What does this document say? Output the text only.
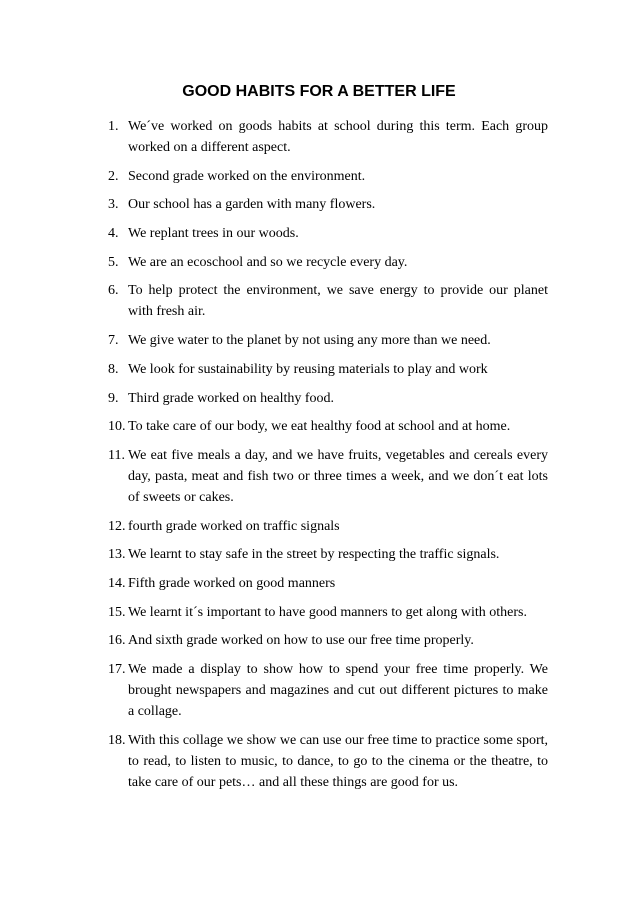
GOOD HABITS FOR A BETTER LIFE
1. We´ve worked on goods habits at school during this term. Each group worked on a different aspect.
2. Second grade worked on the environment.
3. Our school has a garden with many flowers.
4. We replant trees in our woods.
5. We are an ecoschool and so we recycle every day.
6. To help protect the environment, we save energy to provide our planet with fresh air.
7. We give water to the planet by not using any more than we need.
8. We look for sustainability by reusing materials to play and work
9. Third grade worked on healthy food.
10. To take care of our body, we eat healthy food at school and at home.
11. We eat five meals a day, and we have fruits, vegetables and cereals every day, pasta, meat and fish two or three times a week, and we don´t eat lots of sweets or cakes.
12. fourth grade worked on traffic signals
13. We learnt to stay safe in the street by respecting the traffic signals.
14. Fifth grade worked on good manners
15. We learnt it´s important to have good manners to get along with others.
16. And sixth grade worked on how to use our free time properly.
17. We made a display to show how to spend your free time properly. We brought newspapers and magazines and cut out different pictures to make a collage.
18. With this collage we show we can use our free time to practice some sport, to read, to listen to music, to dance, to go to the cinema or the theatre, to take care of our pets… and all these things are good for us.
